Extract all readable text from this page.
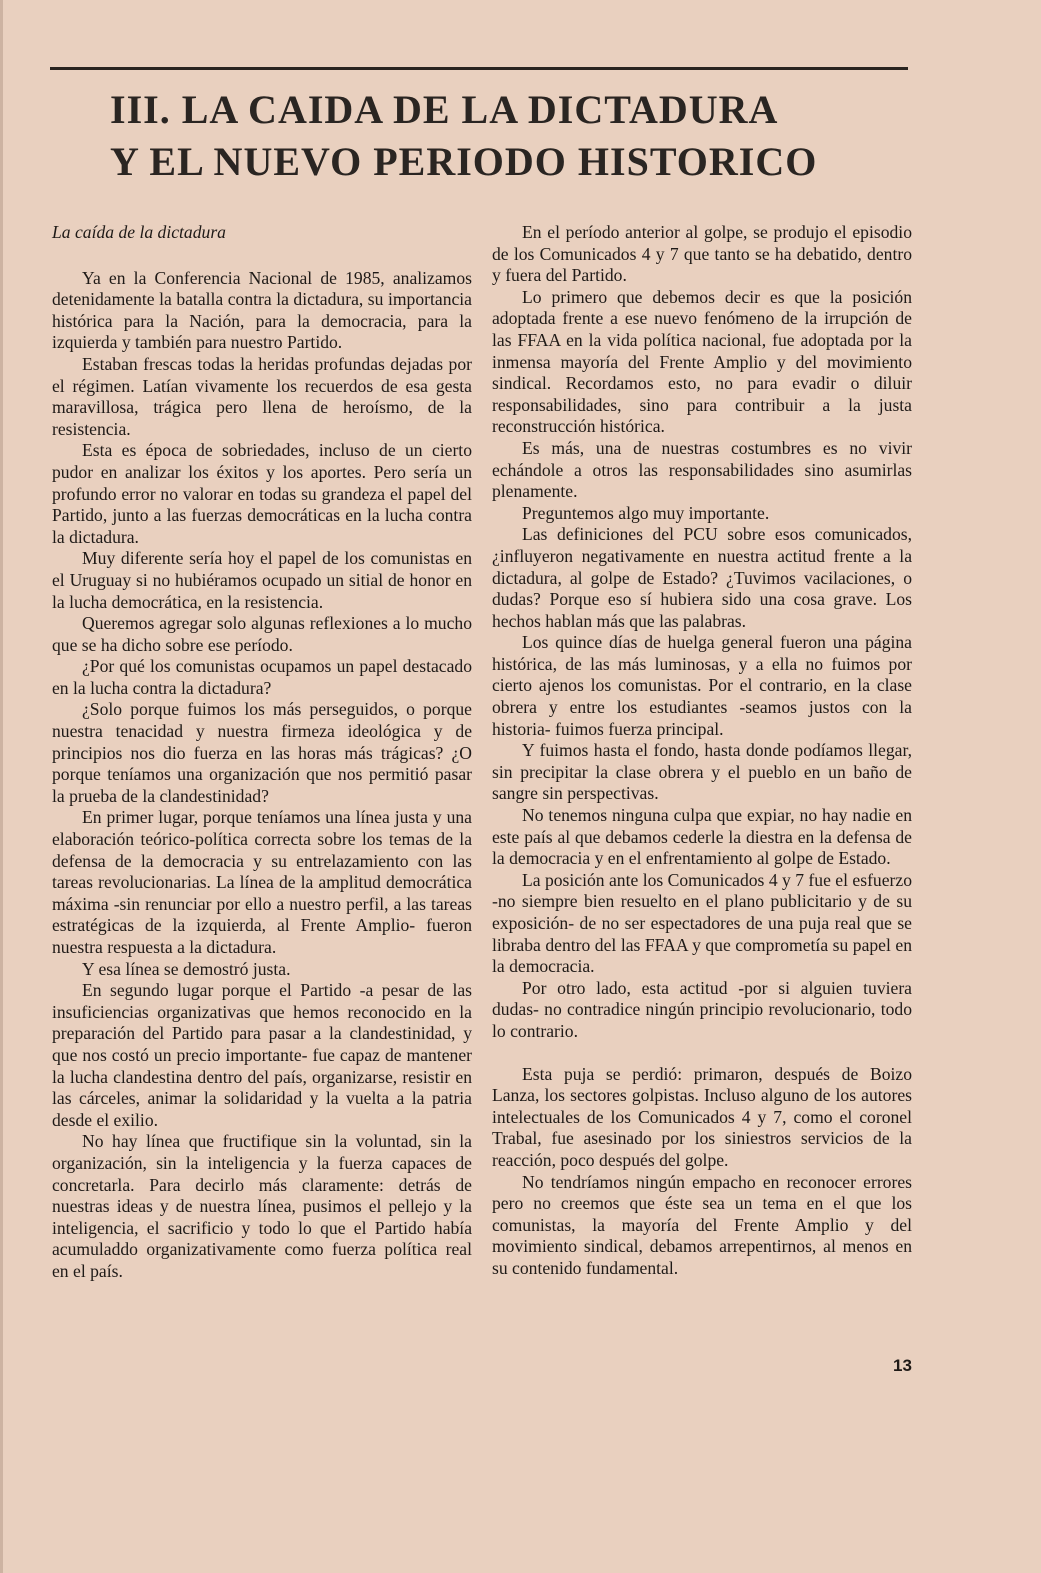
III. LA CAIDA DE LA DICTADURA
Y EL NUEVO PERIODO HISTORICO
La caída de la dictadura

Ya en la Conferencia Nacional de 1985, analizamos detenidamente la batalla contra la dictadura, su importancia histórica para la Nación, para la democracia, para la izquierda y también para nuestro Partido.

Estaban frescas todas la heridas profundas dejadas por el régimen. Latían vivamente los recuerdos de esa gesta maravillosa, trágica pero llena de heroísmo, de la resistencia.

Esta es época de sobriedades, incluso de un cierto pudor en analizar los éxitos y los aportes. Pero sería un profundo error no valorar en todas su grandeza el papel del Partido, junto a las fuerzas democráticas en la lucha contra la dictadura.

Muy diferente sería hoy el papel de los comunistas en el Uruguay si no hubiéramos ocupado un sitial de honor en la lucha democrática, en la resistencia.

Queremos agregar solo algunas reflexiones a lo mucho que se ha dicho sobre ese período.

¿Por qué los comunistas ocupamos un papel destacado en la lucha contra la dictadura?

¿Solo porque fuimos los más perseguidos, o porque nuestra tenacidad y nuestra firmeza ideológica y de principios nos dio fuerza en las horas más trágicas? ¿O porque teníamos una organización que nos permitió pasar la prueba de la clandestinidad?

En primer lugar, porque teníamos una línea justa y una elaboración teórico-política correcta sobre los temas de la defensa de la democracia y su entrelazamiento con las tareas revolucionarias. La línea de la amplitud democrática máxima -sin renunciar por ello a nuestro perfil, a las tareas estratégicas de la izquierda, al Frente Amplio- fueron nuestra respuesta a la dictadura.

Y esa línea se demostró justa.

En segundo lugar porque el Partido -a pesar de las insuficiencias organizativas que hemos reconocido en la preparación del Partido para pasar a la clandestinidad, y que nos costó un precio importante- fue capaz de mantener la lucha clandestina dentro del país, organizarse, resistir en las cárceles, animar la solidaridad y la vuelta a la patria desde el exilio.

No hay línea que fructifique sin la voluntad, sin la organización, sin la inteligencia y la fuerza capaces de concretarla. Para decirlo más claramente: detrás de nuestras ideas y de nuestra línea, pusimos el pellejo y la inteligencia, el sacrificio y todo lo que el Partido había acumuladdo organizativamente como fuerza política real en el país.

En el período anterior al golpe, se produjo el episodio de los Comunicados 4 y 7 que tanto se ha debatido, dentro y fuera del Partido.

Lo primero que debemos decir es que la posición adoptada frente a ese nuevo fenómeno de la irrupción de las FFAA en la vida política nacional, fue adoptada por la inmensa mayoría del Frente Amplio y del movimiento sindical. Recordamos esto, no para evadir o diluir responsabilidades, sino para contribuir a la justa reconstrucción histórica.

Es más, una de nuestras costumbres es no vivir echándole a otros las responsabilidades sino asumirlas plenamente.

Preguntemos algo muy importante.

Las definiciones del PCU sobre esos comunicados, ¿influyeron negativamente en nuestra actitud frente a la dictadura, al golpe de Estado? ¿Tuvimos vacilaciones, o dudas? Porque eso sí hubiera sido una cosa grave. Los hechos hablan más que las palabras.

Los quince días de huelga general fueron una página histórica, de las más luminosas, y a ella no fuimos por cierto ajenos los comunistas. Por el contrario, en la clase obrera y entre los estudiantes -seamos justos con la historia- fuimos fuerza principal.

Y fuimos hasta el fondo, hasta donde podíamos llegar, sin precipitar la clase obrera y el pueblo en un baño de sangre sin perspectivas.

No tenemos ninguna culpa que expiar, no hay nadie en este país al que debamos cederle la diestra en la defensa de la democracia y en el enfrentamiento al golpe de Estado.

La posición ante los Comunicados 4 y 7 fue el esfuerzo -no siempre bien resuelto en el plano publicitario y de su exposición- de no ser espectadores de una puja real que se libraba dentro del las FFAA y que comprometía su papel en la democracia.

Por otro lado, esta actitud -por si alguien tuviera dudas- no contradice ningún principio revolucionario, todo lo contrario.

Esta puja se perdió: primaron, después de Boizo Lanza, los sectores golpistas. Incluso alguno de los autores intelectuales de los Comunicados 4 y 7, como el coronel Trabal, fue asesinado por los siniestros servicios de la reacción, poco después del golpe.

No tendríamos ningún empacho en reconocer errores pero no creemos que éste sea un tema en el que los comunistas, la mayoría del Frente Amplio y del movimiento sindical, debamos arrepentirnos, al menos en su contenido fundamental.

13
